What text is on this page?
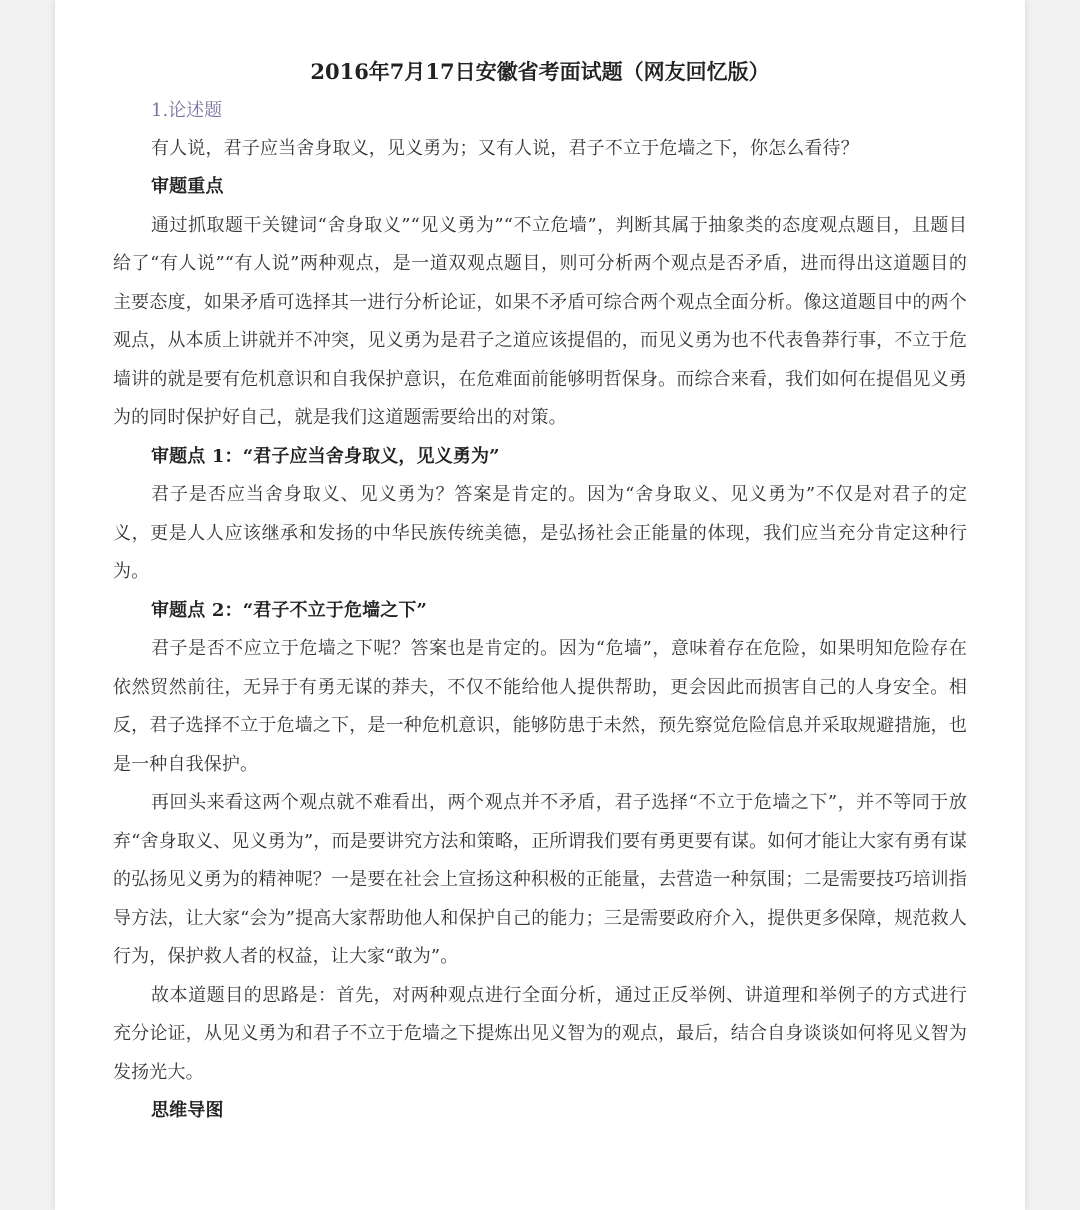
2016年7月17日安徽省考面试题（网友回忆版）
1.论述题

有人说，君子应当舍身取义，见义勇为；又有人说，君子不立于危墙之下，你怎么看待？

审题重点

通过抓取题干关键词“舍身取义”“见义勇为”“不立危墙”，判断其属于抽象类的态度观点题目，且题目给了“有人说”“有人说”两种观点，是一道双观点题目，则可分析两个观点是否矛盾，进而得出这道题目的主要态度，如果矛盾可选择其一进行分析论证，如果不矛盾可综合两个观点全面分析。像这道题目中的两个观点，从本质上讲就并不冲突，见义勇为是君子之道应该提倡的，而见义勇为也不代表鲁莽行事，不立于危墙讲的就是要有危机意识和自我保护意识，在危难面前能够明哲保身。而综合来看，我们如何在提倡见义勇为的同时保护好自己，就是我们这道题需要给出的对策。

审题点 1：“君子应当舍身取义，见义勇为”

君子是否应当舍身取义、见义勇为？答案是肯定的。因为“舍身取义、见义勇为”不仅是对君子的定义，更是人人应该继承和发扬的中华民族传统美德，是弘扬社会正能量的体现，我们应当充分肯定这种行为。

审题点 2：“君子不立于危墙之下”

君子是否不应立于危墙之下呢？答案也是肯定的。因为“危墙”，意味着存在危险，如果明知危险存在依然贸然前往，无异于有勇无谋的莽夫，不仅不能给他人提供帮助，更会因此而损害自己的人身安全。相反，君子选择不立于危墙之下，是一种危机意识，能够防患于未然，预先察觉危险信息并采取规避措施，也是一种自我保护。

再回头来看这两个观点就不难看出，两个观点并不矛盾，君子选择“不立于危墙之下”，并不等同于放弃“舍身取义、见义勇为”，而是要讲究方法和策略，正所谓我们要有勇更要有谋。如何才能让大家有勇有谋的弘扬见义勇为的精神呢？一是要在社会上宣扬这种积极的正能量，去营造一种氛围；二是需要技巧培训指导方法，让大家“会为”提高大家帮助他人和保护自己的能力；三是需要政府介入，提供更多保障，规范救人行为，保护救人者的权益，让大家“敢为”。

故本道题目的思路是：首先，对两种观点进行全面分析，通过正反举例、讲道理和举例子的方式进行充分论证，从见义勇为和君子不立于危墙之下提炼出见义智为的观点，最后，结合自身谈谈如何将见义智为发扬光大。

思维导图
